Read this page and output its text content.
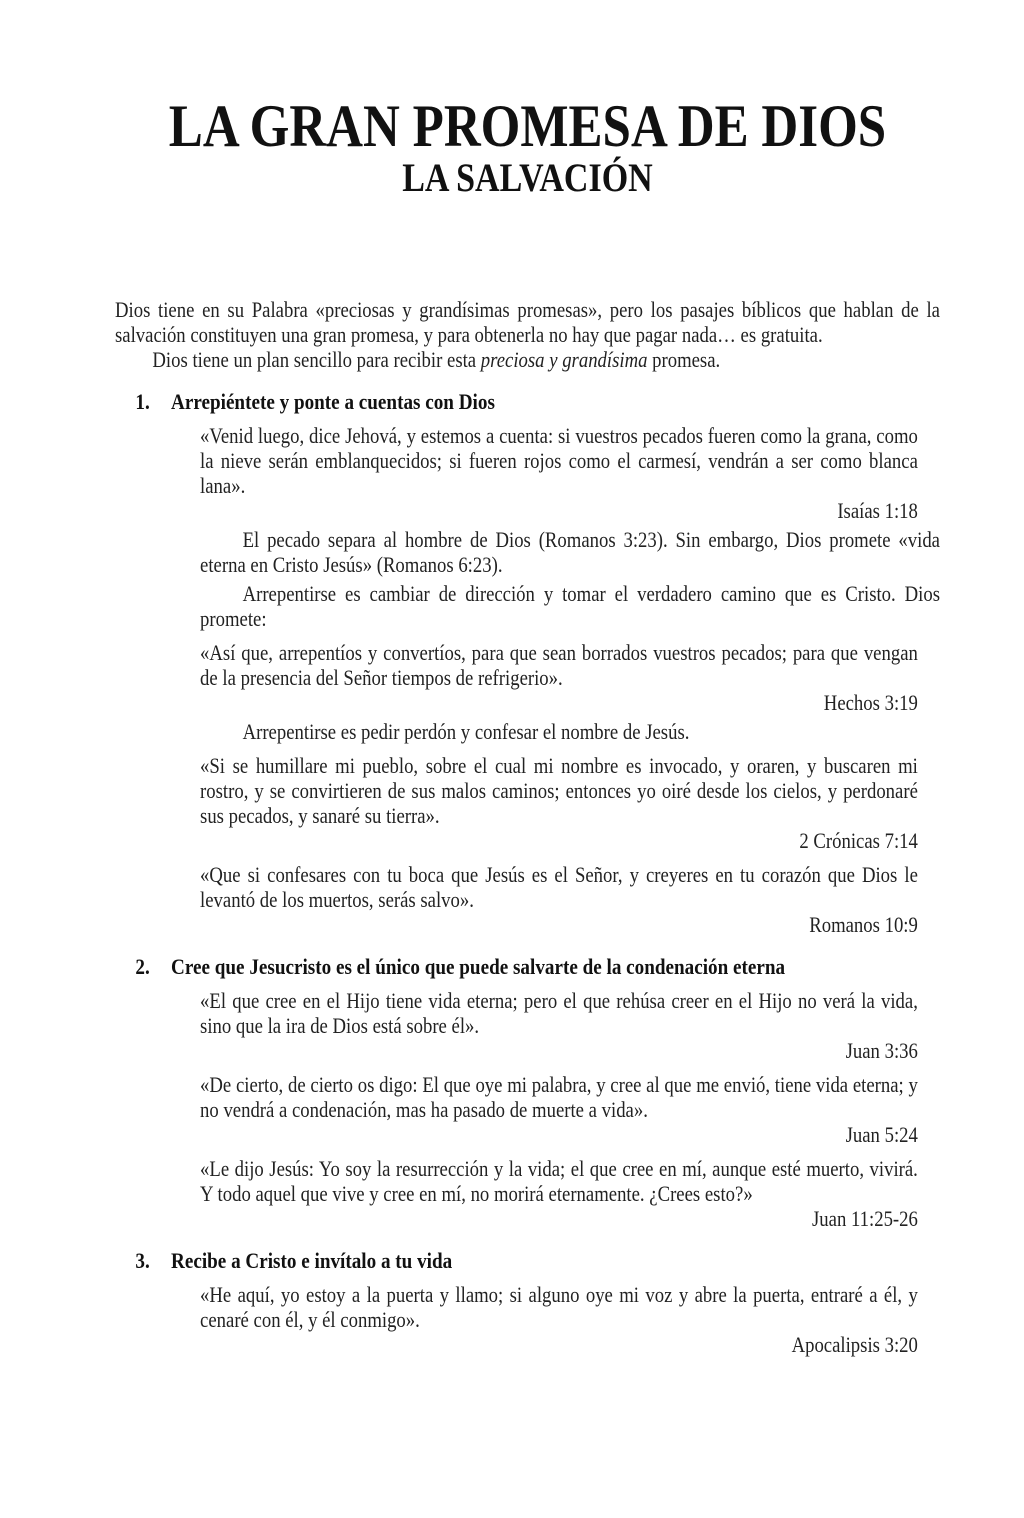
LA GRAN PROMESA DE DIOS
LA SALVACIÓN

Dios tiene en su Palabra «preciosas y grandísimas promesas», pero los pasajes bíblicos que hablan de la salvación constituyen una gran promesa, y para obtenerla no hay que pagar nada… es gratuita.

Dios tiene un plan sencillo para recibir esta preciosa y grandísima promesa.

1. Arrepiéntete y ponte a cuentas con Dios

«Venid luego, dice Jehová, y estemos a cuenta: si vuestros pecados fueren como la grana, como la nieve serán emblanquecidos; si fueren rojos como el carmesí, vendrán a ser como blanca lana».

Isaías 1:18

El pecado separa al hombre de Dios (Romanos 3:23). Sin embargo, Dios promete «vida eterna en Cristo Jesús» (Romanos 6:23).

Arrepentirse es cambiar de dirección y tomar el verdadero camino que es Cristo. Dios promete:

«Así que, arrepentíos y convertíos, para que sean borrados vuestros pecados; para que vengan de la presencia del Señor tiempos de refrigerio».

Hechos 3:19

Arrepentirse es pedir perdón y confesar el nombre de Jesús.

«Si se humillare mi pueblo, sobre el cual mi nombre es invocado, y oraren, y buscaren mi rostro, y se convirtieren de sus malos caminos; entonces yo oiré desde los cielos, y perdonaré sus pecados, y sanaré su tierra».

2 Crónicas 7:14

«Que si confesares con tu boca que Jesús es el Señor, y creyeres en tu corazón que Dios le levantó de los muertos, serás salvo».

Romanos 10:9

2. Cree que Jesucristo es el único que puede salvarte de la condenación eterna

«El que cree en el Hijo tiene vida eterna; pero el que rehúsa creer en el Hijo no verá la vida, sino que la ira de Dios está sobre él».

Juan 3:36

«De cierto, de cierto os digo: El que oye mi palabra, y cree al que me envió, tiene vida eterna; y no vendrá a condenación, mas ha pasado de muerte a vida».

Juan 5:24

«Le dijo Jesús: Yo soy la resurrección y la vida; el que cree en mí, aunque esté muerto, vivirá. Y todo aquel que vive y cree en mí, no morirá eternamente. ¿Crees esto?»

Juan 11:25-26

3. Recibe a Cristo e invítalo a tu vida

«He aquí, yo estoy a la puerta y llamo; si alguno oye mi voz y abre la puerta, entraré a él, y cenaré con él, y él conmigo».

Apocalipsis 3:20
